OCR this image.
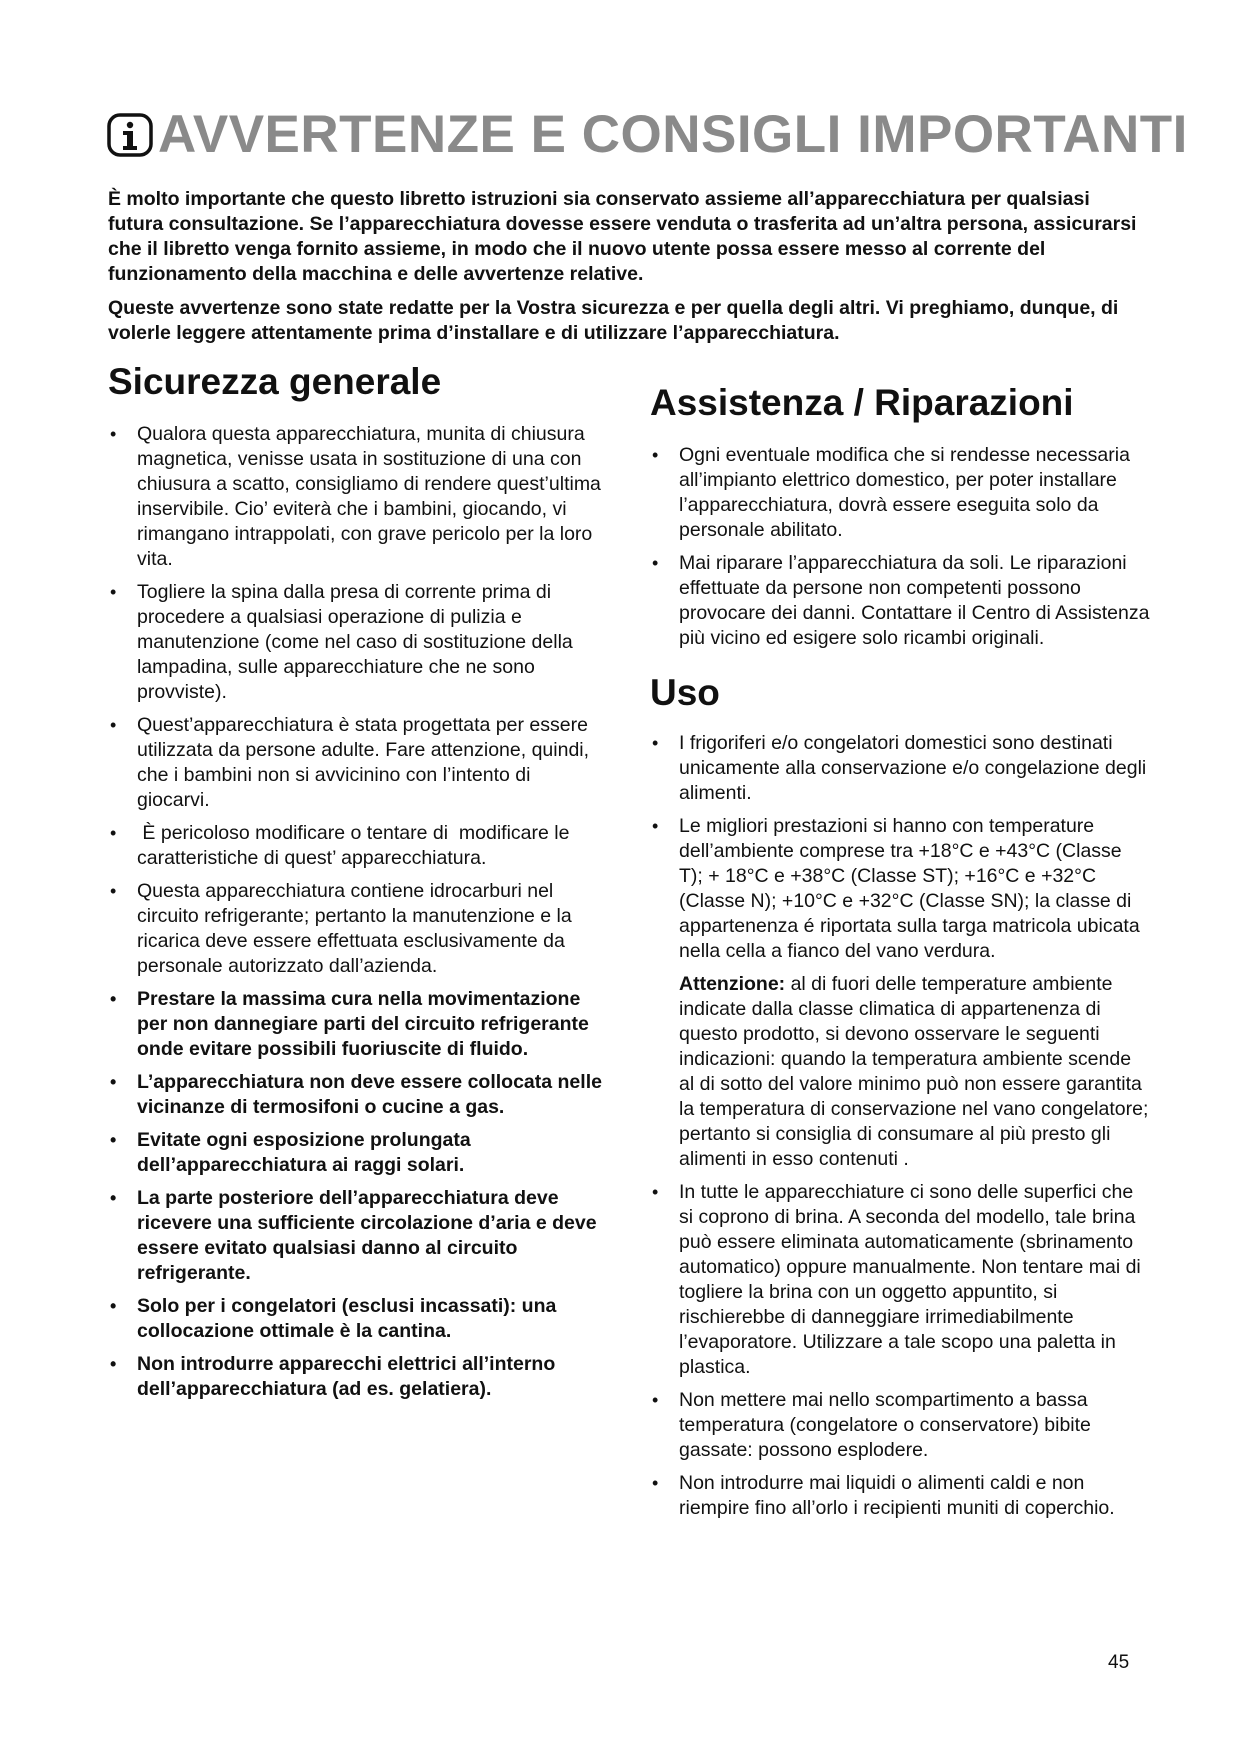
AVVERTENZE E CONSIGLI IMPORTANTI

È molto importante che questo libretto istruzioni sia conservato assieme all’apparecchiatura per qualsiasi futura consultazione. Se l’apparecchiatura dovesse essere venduta o trasferita ad un’altra persona, assicurarsi che il libretto venga fornito assieme, in modo che il nuovo utente possa essere messo al corrente del funzionamento della macchina e delle avvertenze relative.

Queste avvertenze sono state redatte per la Vostra sicurezza e per quella degli altri. Vi preghiamo, dunque, di volerle leggere attentamente prima d’installare e di utilizzare l’apparecchiatura.

Sicurezza generale
• Qualora questa apparecchiatura, munita di chiusura magnetica, venisse usata in sostituzione di una con chiusura a scatto, consigliamo di rendere quest’ultima inservibile. Cio’ eviterà che i bambini, giocando, vi rimangano intrappolati, con grave pericolo per la loro vita.
• Togliere la spina dalla presa di corrente prima di procedere a qualsiasi operazione di pulizia e manutenzione (come nel caso di sostituzione della lampadina, sulle apparecchiature che ne sono provviste).
• Quest’apparecchiatura è stata progettata per essere utilizzata da persone adulte. Fare attenzione, quindi, che i bambini non si avvicinino con l’intento di giocarvi.
• È pericoloso modificare o tentare di  modificare le caratteristiche di quest’ apparecchiatura.
• Questa apparecchiatura contiene idrocarburi nel circuito refrigerante; pertanto la manutenzione e la ricarica deve essere effettuata esclusivamente da personale autorizzato dall’azienda.
• Prestare la massima cura nella movimentazione per non dannegiare parti del circuito refrigerante onde evitare possibili fuoriuscite di fluido.
• L’apparecchiatura non deve essere collocata nelle vicinanze di termosifoni o cucine a gas.
• Evitate ogni esposizione prolungata dell’apparecchiatura ai raggi solari.
• La parte posteriore dell’apparecchiatura deve ricevere una sufficiente circolazione d’aria e deve essere evitato qualsiasi danno al circuito refrigerante.
• Solo per i congelatori (esclusi incassati): una collocazione ottimale è la cantina.
• Non introdurre apparecchi elettrici all’interno dell’apparecchiatura (ad es. gelatiera).
Assistenza / Riparazioni
• Ogni eventuale modifica che si rendesse necessaria all’impianto elettrico domestico, per poter installare l’apparecchiatura, dovrà essere eseguita solo da personale abilitato.
• Mai riparare l’apparecchiatura da soli. Le riparazioni effettuate da persone non competenti possono provocare dei danni. Contattare il Centro di Assistenza più vicino ed esigere solo ricambi originali.
Uso
• I frigoriferi e/o congelatori domestici sono destinati unicamente alla conservazione e/o congelazione degli alimenti.
• Le migliori prestazioni si hanno con temperature dell’ambiente comprese tra +18°C e +43°C (Classe T); + 18°C e +38°C (Classe ST); +16°C e +32°C (Classe N); +10°C e +32°C (Classe SN); la classe di appartenenza é riportata sulla targa matricola ubicata nella cella a fianco del vano verdura.

Attenzione: al di fuori delle temperature ambiente indicate dalla classe climatica di appartenenza di questo prodotto, si devono osservare le seguenti indicazioni: quando la temperatura ambiente scende al di sotto del valore minimo può non essere garantita la temperatura di conservazione nel vano congelatore; pertanto si consiglia di consumare al più presto gli alimenti in esso contenuti .

• In tutte le apparecchiature ci sono delle superfici che si coprono di brina. A seconda del modello, tale brina può essere eliminata automaticamente (sbrinamento automatico) oppure manualmente. Non tentare mai di togliere la brina con un oggetto appuntito, si rischierebbe di danneggiare irrimediabilmente l’evaporatore. Utilizzare a tale scopo una paletta in plastica.
• Non mettere mai nello scompartimento a bassa temperatura (congelatore o conservatore) bibite gassate: possono esplodere.
• Non introdurre mai liquidi o alimenti caldi e non riempire fino all’orlo i recipienti muniti di coperchio.
45
